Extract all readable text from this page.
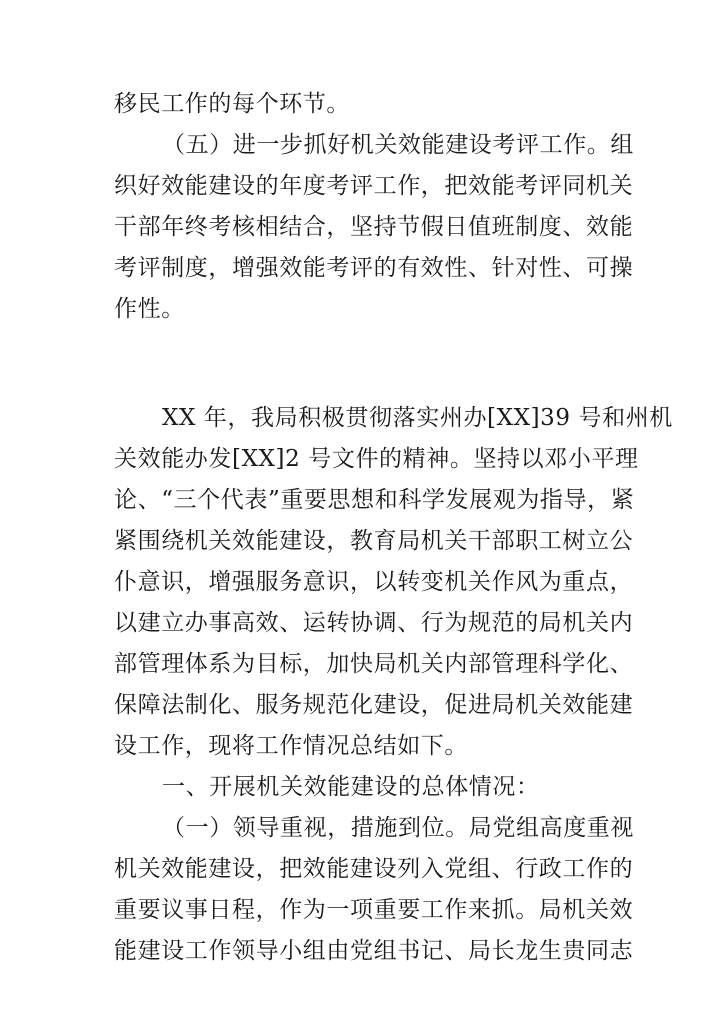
移民工作的每个环节。
（五）进一步抓好机关效能建设考评工作。组
织好效能建设的年度考评工作，把效能考评同机关
干部年终考核相结合，坚持节假日值班制度、效能
考评制度，增强效能考评的有效性、针对性、可操
作性。
XX 年，我局积极贯彻落实州办[XX]39 号和州机
关效能办发[XX]2 号文件的精神。坚持以邓小平理
论、“三个代表”重要思想和科学发展观为指导，紧
紧围绕机关效能建设，教育局机关干部职工树立公
仆意识，增强服务意识，以转变机关作风为重点，
以建立办事高效、运转协调、行为规范的局机关内
部管理体系为目标，加快局机关内部管理科学化、
保障法制化、服务规范化建设，促进局机关效能建
设工作，现将工作情况总结如下。
一、开展机关效能建设的总体情况：
（一）领导重视，措施到位。局党组高度重视
机关效能建设，把效能建设列入党组、行政工作的
重要议事日程，作为一项重要工作来抓。局机关效
能建设工作领导小组由党组书记、局长龙生贵同志
